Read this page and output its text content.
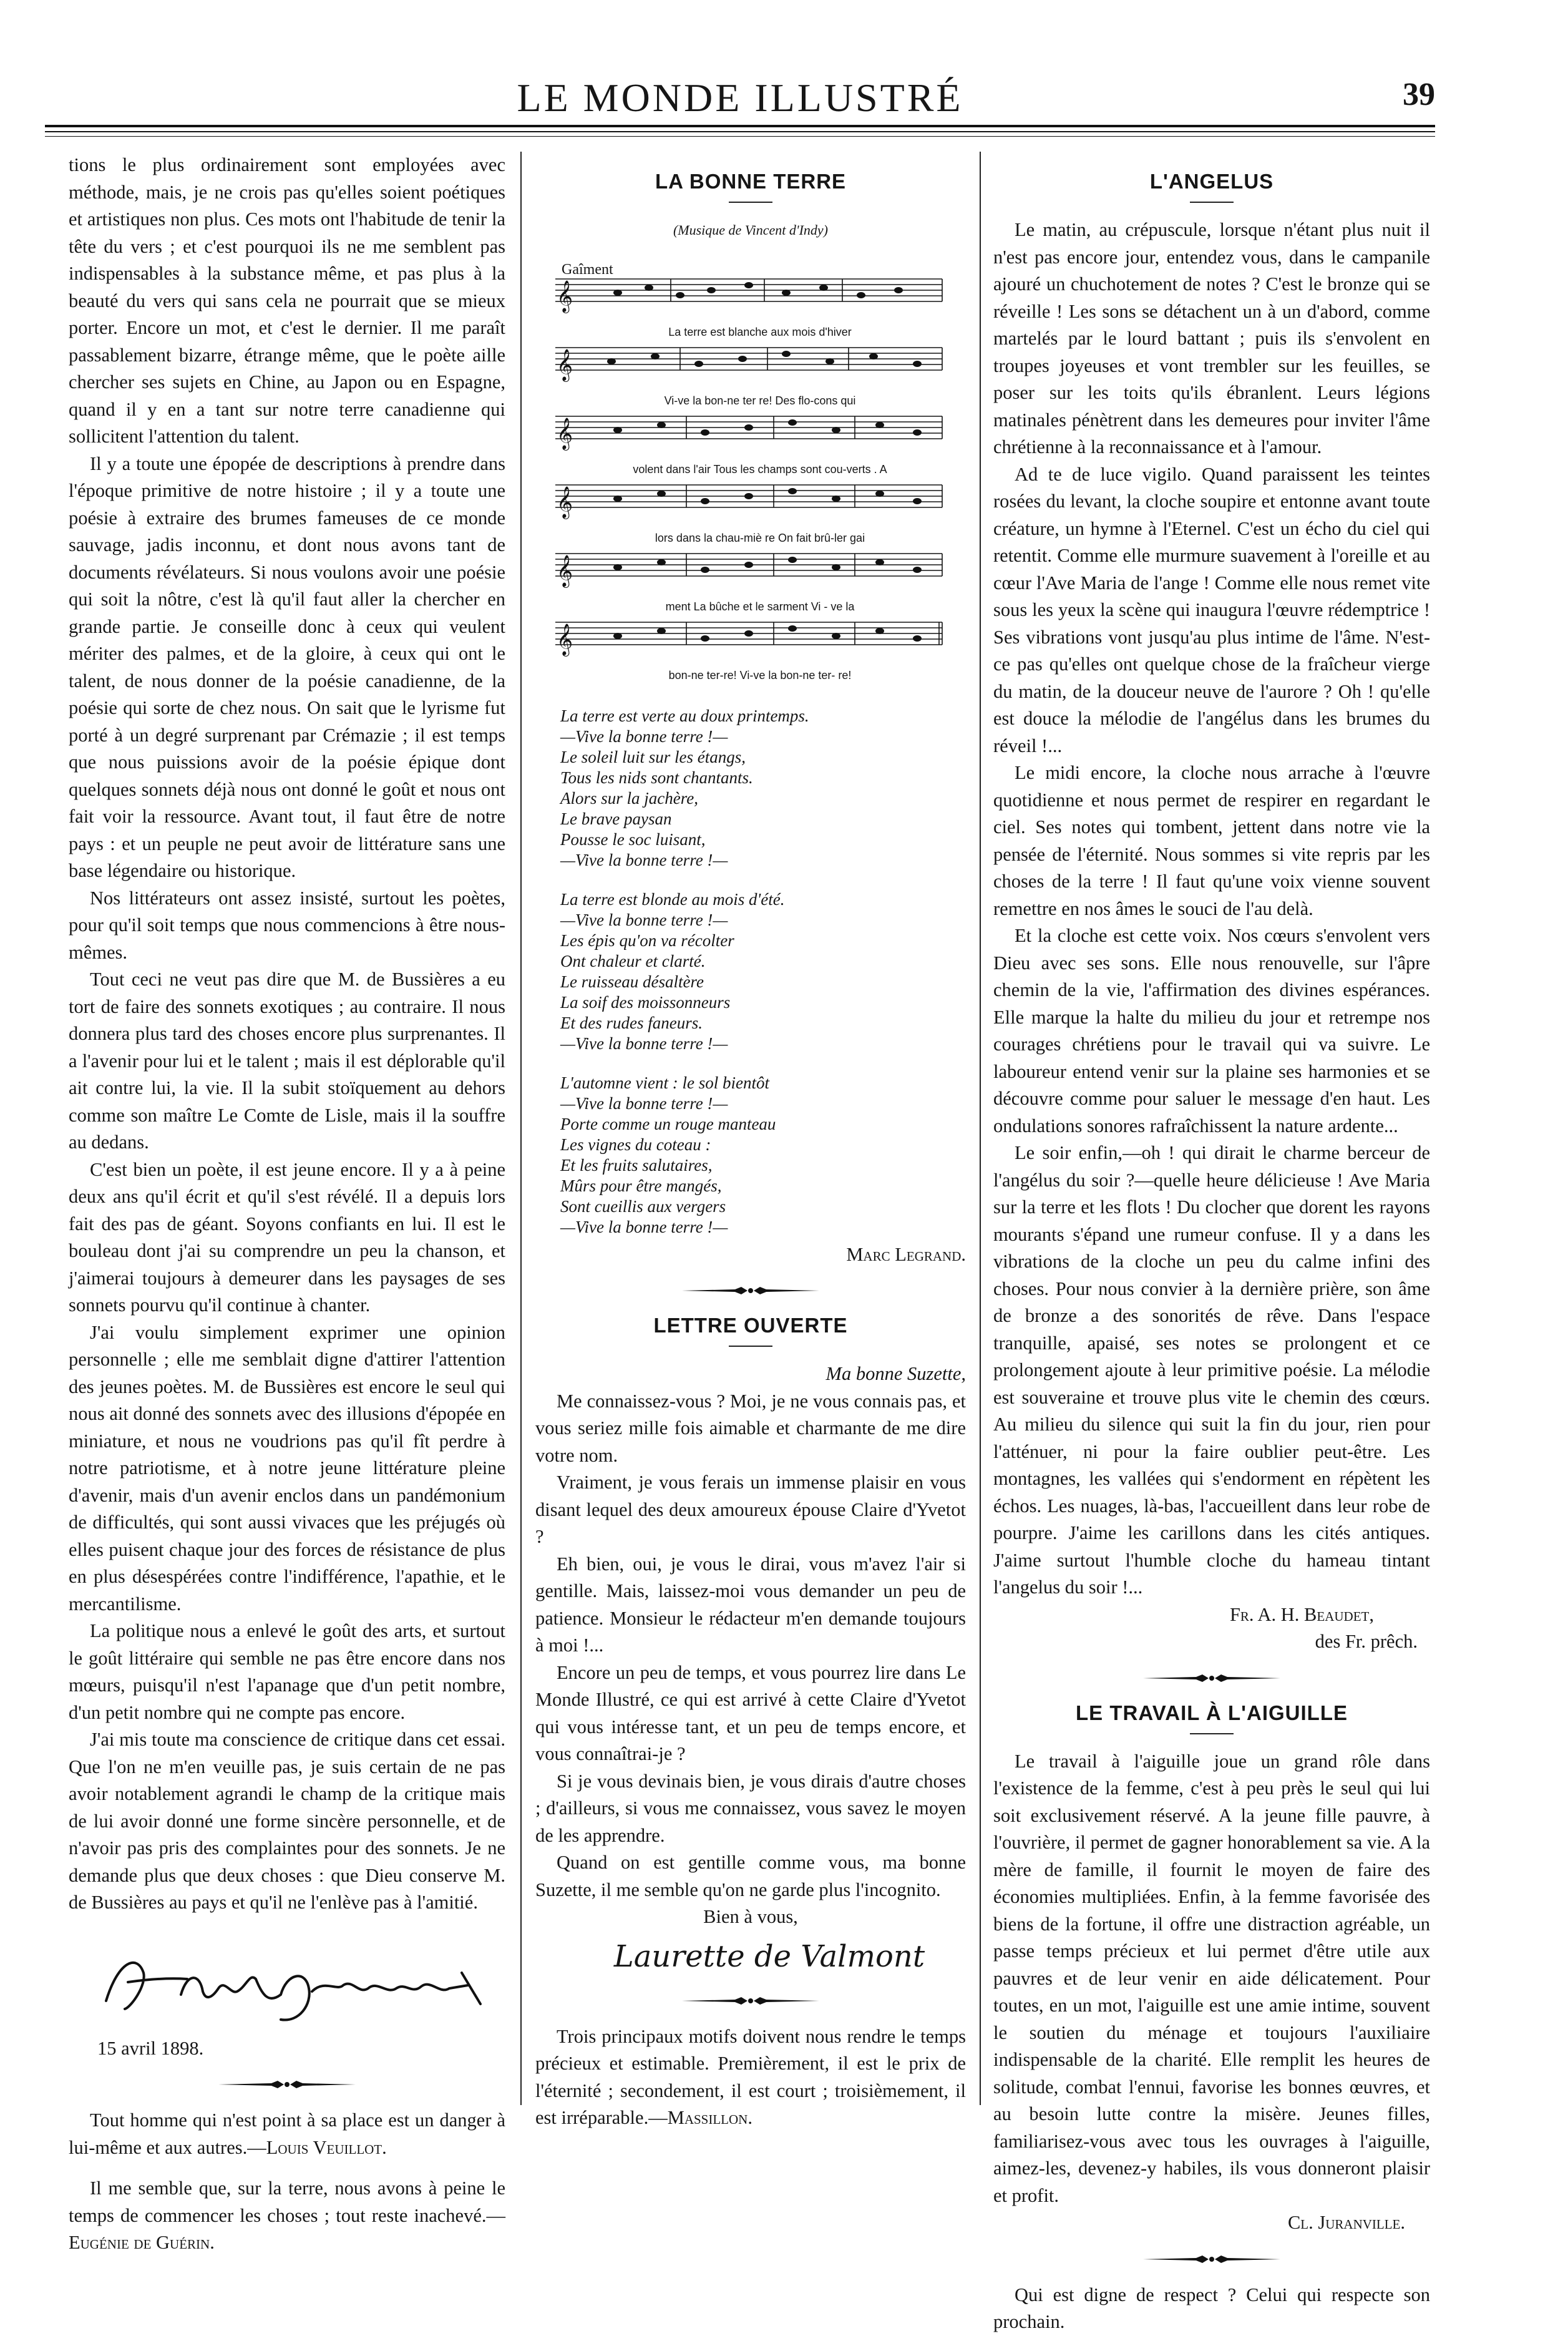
LE MONDE ILLUSTRÉ	39

tions le plus ordinairement sont employées avec méthode, mais, je ne crois pas qu'elles soient poétiques et artistiques non plus. Ces mots ont l'habitude de tenir la tête du vers ; et c'est pourquoi ils ne me semblent pas indispensables à la substance même, et pas plus à la beauté du vers qui sans cela ne pourrait que se mieux porter. Encore un mot, et c'est le dernier. Il me paraît passablement bizarre, étrange même, que le poète aille chercher ses sujets en Chine, au Japon ou en Espagne, quand il y en a tant sur notre terre canadienne qui sollicitent l'attention du talent.

Il y a toute une épopée de descriptions à prendre dans l'époque primitive de notre histoire ; il y a toute une poésie à extraire des brumes fameuses de ce monde sauvage, jadis inconnu, et dont nous avons tant de documents révélateurs. Si nous voulons avoir une poésie qui soit la nôtre, c'est là qu'il faut aller la chercher en grande partie. Je conseille donc à ceux qui veulent mériter des palmes, et de la gloire, à ceux qui ont le talent, de nous donner de la poésie canadienne, de la poésie qui sorte de chez nous. On sait que le lyrisme fut porté à un degré surprenant par Crémazie ; il est temps que nous puissions avoir de la poésie épique dont quelques sonnets déjà nous ont donné le goût et nous ont fait voir la ressource. Avant tout, il faut être de notre pays : et un peuple ne peut avoir de littérature sans une base légendaire ou historique.

Nos littérateurs ont assez insisté, surtout les poètes, pour qu'il soit temps que nous commencions à être nous-mêmes.

Tout ceci ne veut pas dire que M. de Bussières a eu tort de faire des sonnets exotiques ; au contraire. Il nous donnera plus tard des choses encore plus surprenantes. Il a l'avenir pour lui et le talent ; mais il est déplorable qu'il ait contre lui, la vie. Il la subit stoïquement au dehors comme son maître Le Comte de Lisle, mais il la souffre au dedans.

C'est bien un poète, il est jeune encore. Il y a à peine deux ans qu'il écrit et qu'il s'est révélé. Il a depuis lors fait des pas de géant. Soyons confiants en lui. Il est le bouleau dont j'ai su comprendre un peu la chanson, et j'aimerai toujours à demeurer dans les paysages de ses sonnets pourvu qu'il continue à chanter.

J'ai voulu simplement exprimer une opinion personnelle ; elle me semblait digne d'attirer l'attention des jeunes poètes. M. de Bussières est encore le seul qui nous ait donné des sonnets avec des illusions d'épopée en miniature, et nous ne voudrions pas qu'il fît perdre à notre patriotisme, et à notre jeune littérature pleine d'avenir, mais d'un avenir enclos dans un pandémonium de difficultés, qui sont aussi vivaces que les préjugés où elles puisent chaque jour des forces de résistance de plus en plus désespérées contre l'indifférence, l'apathie, et le mercantilisme.

La politique nous a enlevé le goût des arts, et surtout le goût littéraire qui semble ne pas être encore dans nos mœurs, puisqu'il n'est l'apanage que d'un petit nombre, d'un petit nombre qui ne compte pas encore.

J'ai mis toute ma conscience de critique dans cet essai. Que l'on ne m'en veuille pas, je suis certain de ne pas avoir notablement agrandi le champ de la critique mais de lui avoir donné une forme sincère personnelle, et de n'avoir pas pris des complaintes pour des sonnets. Je ne demande plus que deux choses : que Dieu conserve M. de Bussières au pays et qu'il ne l'enlève pas à l'amitié.

15 avril 1898.

Tout homme qui n'est point à sa place est un danger à lui-même et aux autres.—Louis Veuillot.

Il me semble que, sur la terre, nous avons à peine le temps de commencer les choses ; tout reste inachevé.—Eugénie de Guérin.

LA BONNE TERRE
(Musique de Vincent d'Indy)
Gaîment
𝄞
𝄞
𝄞
𝄞
𝄞
𝄞
La terre est blanche aux mois d'hiver
Vi-ve la bon-ne ter re! Des flo-cons qui
volent dans l'air Tous les champs sont cou-verts . A
lors dans la chau-miè re On fait brû-ler gai
ment La bûche et le sarment Vi - ve la
bon-ne ter-re! Vi-ve la bon-ne ter- re!
La terre est verte au doux printemps.
—Vive la bonne terre !—
Le soleil luit sur les étangs,
Tous les nids sont chantants.
Alors sur la jachère,
Le brave paysan
Pousse le soc luisant,
—Vive la bonne terre !—
La terre est blonde au mois d'été.
—Vive la bonne terre !—
Les épis qu'on va récolter
Ont chaleur et clarté.
Le ruisseau désaltère
La soif des moissonneurs
Et des rudes faneurs.
—Vive la bonne terre !—
L'automne vient : le sol bientôt
—Vive la bonne terre !—
Porte comme un rouge manteau
Les vignes du coteau :
Et les fruits salutaires,
Mûrs pour être mangés,
Sont cueillis aux vergers
—Vive la bonne terre !—
Marc Legrand.
LETTRE OUVERTE
Ma bonne Suzette,

Me connaissez-vous ? Moi, je ne vous connais pas, et vous seriez mille fois aimable et charmante de me dire votre nom.

Vraiment, je vous ferais un immense plaisir en vous disant lequel des deux amoureux épouse Claire d'Yvetot ?

Eh bien, oui, je vous le dirai, vous m'avez l'air si gentille. Mais, laissez-moi vous demander un peu de patience. Monsieur le rédacteur m'en demande toujours à moi !...

Encore un peu de temps, et vous pourrez lire dans Le Monde Illustré, ce qui est arrivé à cette Claire d'Yvetot qui vous intéresse tant, et un peu de temps encore, et vous connaîtrai-je ?

Si je vous devinais bien, je vous dirais d'autre choses ; d'ailleurs, si vous me connaissez, vous savez le moyen de les apprendre.

Quand on est gentille comme vous, ma bonne Suzette, il me semble qu'on ne garde plus l'incognito.

Bien à vous,
Laurette de Valmont

Trois principaux motifs doivent nous rendre le temps précieux et estimable. Premièrement, il est le prix de l'éternité ; secondement, il est court ; troisièmement, il est irréparable.—Massillon.

L'ANGELUS

Le matin, au crépuscule, lorsque n'étant plus nuit il n'est pas encore jour, entendez vous, dans le campanile ajouré un chuchotement de notes ? C'est le bronze qui se réveille ! Les sons se détachent un à un d'abord, comme martelés par le lourd battant ; puis ils s'envolent en troupes joyeuses et vont trembler sur les feuilles, se poser sur les toits qu'ils ébranlent. Leurs légions matinales pénètrent dans les demeures pour inviter l'âme chrétienne à la reconnaissance et à l'amour.

Ad te de luce vigilo. Quand paraissent les teintes rosées du levant, la cloche soupire et entonne avant toute créature, un hymne à l'Eternel. C'est un écho du ciel qui retentit. Comme elle murmure suavement à l'oreille et au cœur l'Ave Maria de l'ange ! Comme elle nous remet vite sous les yeux la scène qui inaugura l'œuvre rédemptrice ! Ses vibrations vont jusqu'au plus intime de l'âme. N'est-ce pas qu'elles ont quelque chose de la fraîcheur vierge du matin, de la douceur neuve de l'aurore ? Oh ! qu'elle est douce la mélodie de l'angélus dans les brumes du réveil !...

Le midi encore, la cloche nous arrache à l'œuvre quotidienne et nous permet de respirer en regardant le ciel. Ses notes qui tombent, jettent dans notre vie la pensée de l'éternité. Nous sommes si vite repris par les choses de la terre ! Il faut qu'une voix vienne souvent remettre en nos âmes le souci de l'au delà.

Et la cloche est cette voix. Nos cœurs s'envolent vers Dieu avec ses sons. Elle nous renouvelle, sur l'âpre chemin de la vie, l'affirmation des divines espérances. Elle marque la halte du milieu du jour et retrempe nos courages chrétiens pour le travail qui va suivre. Le laboureur entend venir sur la plaine ses harmonies et se découvre comme pour saluer le message d'en haut. Les ondulations sonores rafraîchissent la nature ardente...

Le soir enfin,—oh ! qui dirait le charme berceur de l'angélus du soir ?—quelle heure délicieuse ! Ave Maria sur la terre et les flots ! Du clocher que dorent les rayons mourants s'épand une rumeur confuse. Il y a dans les vibrations de la cloche un peu du calme infini des choses. Pour nous convier à la dernière prière, son âme de bronze a des sonorités de rêve. Dans l'espace tranquille, apaisé, ses notes se prolongent et ce prolongement ajoute à leur primitive poésie. La mélodie est souveraine et trouve plus vite le chemin des cœurs. Au milieu du silence qui suit la fin du jour, rien pour l'atténuer, ni pour la faire oublier peut-être. Les montagnes, les vallées qui s'endorment en répètent les échos. Les nuages, là-bas, l'accueillent dans leur robe de pourpre. J'aime les carillons dans les cités antiques. J'aime surtout l'humble cloche du hameau tintant l'angelus du soir !...

Fr. A. H. Beaudet,
des Fr. prêch.
LE TRAVAIL À L'AIGUILLE

Le travail à l'aiguille joue un grand rôle dans l'existence de la femme, c'est à peu près le seul qui lui soit exclusivement réservé. A la jeune fille pauvre, à l'ouvrière, il permet de gagner honorablement sa vie. A la mère de famille, il fournit le moyen de faire des économies multipliées. Enfin, à la femme favorisée des biens de la fortune, il offre une distraction agréable, un passe temps précieux et lui permet d'être utile aux pauvres et de leur venir en aide délicatement. Pour toutes, en un mot, l'aiguille est une amie intime, souvent le soutien du ménage et toujours l'auxiliaire indispensable de la charité. Elle remplit les heures de solitude, combat l'ennui, favorise les bonnes œuvres, et au besoin lutte contre la misère. Jeunes filles, familiarisez-vous avec tous les ouvrages à l'aiguille, aimez-les, devenez-y habiles, ils vous donneront plaisir et profit.

Cl. Juranville.

Qui est digne de respect ? Celui qui respecte son prochain.
